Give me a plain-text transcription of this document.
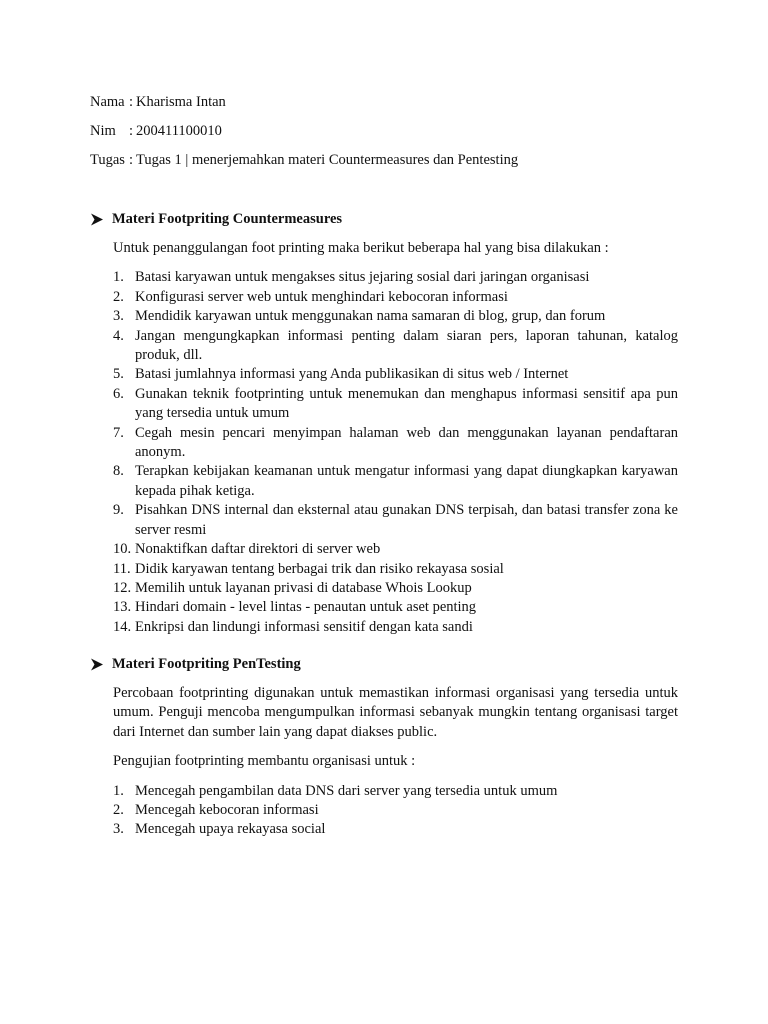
Nama : Kharisma Intan
Nim : 200411100010
Tugas : Tugas 1 | menerjemahkan materi Countermeasures dan Pentesting
Materi Footpriting Countermeasures

Untuk penanggulangan foot printing maka berikut beberapa hal yang bisa dilakukan :

1. Batasi karyawan untuk mengakses situs jejaring sosial dari jaringan organisasi
2. Konfigurasi server web untuk menghindari kebocoran informasi
3. Mendidik karyawan untuk menggunakan nama samaran di blog, grup, dan forum
4. Jangan mengungkapkan informasi penting dalam siaran pers, laporan tahunan, katalog produk, dll.
5. Batasi jumlahnya informasi yang Anda publikasikan di situs web / Internet
6. Gunakan teknik footprinting untuk menemukan dan menghapus informasi sensitif apa pun yang tersedia untuk umum
7. Cegah mesin pencari menyimpan halaman web dan menggunakan layanan pendaftaran anonym.
8. Terapkan kebijakan keamanan untuk mengatur informasi yang dapat diungkapkan karyawan kepada pihak ketiga.
9. Pisahkan DNS internal dan eksternal atau gunakan DNS terpisah, dan batasi transfer zona ke server resmi
10. Nonaktifkan daftar direktori di server web
11. Didik karyawan tentang berbagai trik dan risiko rekayasa sosial
12. Memilih untuk layanan privasi di database Whois Lookup
13. Hindari domain - level lintas - penautan untuk aset penting
14. Enkripsi dan lindungi informasi sensitif dengan kata sandi
Materi Footpriting PenTesting

Percobaan footprinting digunakan untuk memastikan informasi organisasi yang tersedia untuk umum. Penguji mencoba mengumpulkan informasi sebanyak mungkin tentang organisasi target dari Internet dan sumber lain yang dapat diakses public.

Pengujian footprinting membantu organisasi untuk :

1. Mencegah pengambilan data DNS dari server yang tersedia untuk umum
2. Mencegah kebocoran informasi
3. Mencegah upaya rekayasa social
